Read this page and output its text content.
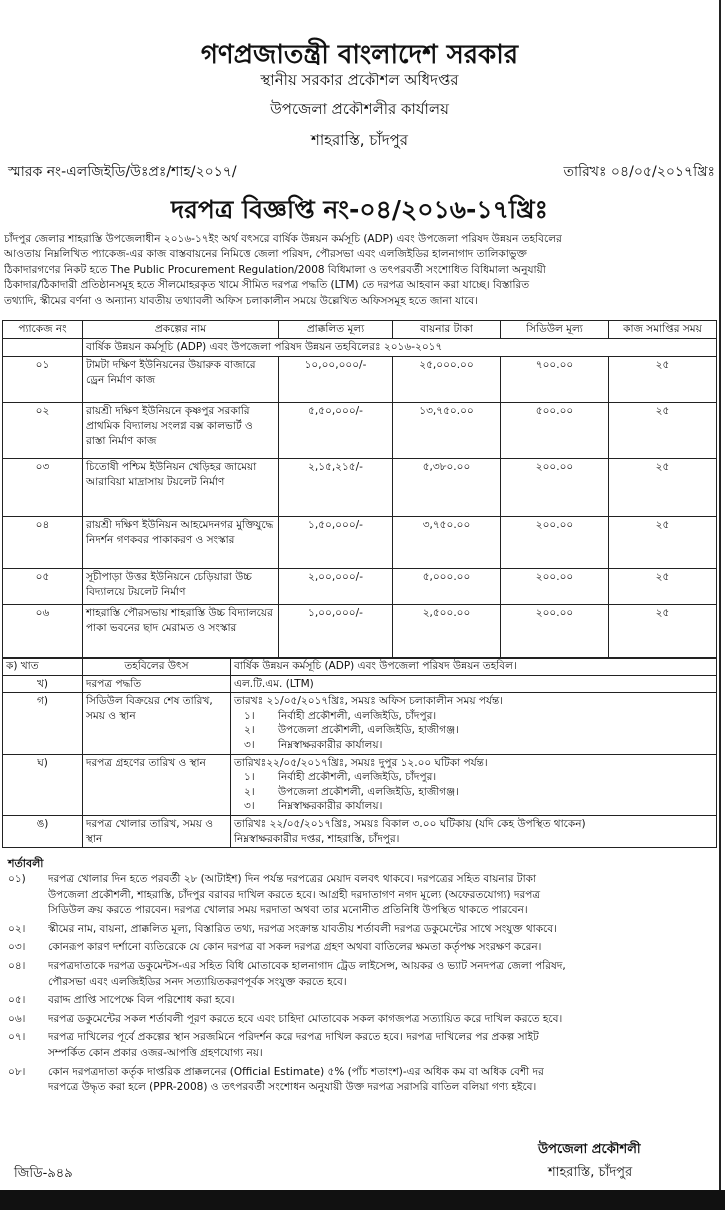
গণপ্রজাতন্ত্রী বাংলাদেশ সরকার
স্থানীয় সরকার প্রকৌশল অধিদপ্তর
উপজেলা প্রকৌশলীর কার্যালয়
শাহরাস্তি, চাঁদপুর
স্মারক নং-এলজিইডি/উঃপ্রঃ/শাহ/২০১৭/	তারিখঃ ০৪/০৫/২০১৭খ্রিঃ
দরপত্র বিজ্ঞপ্তি নং-০৪/২০১৬-১৭খ্রিঃ
চাঁদপুর জেলার শাহরাস্তি উপজেলাধীন ২০১৬-১৭ইং অর্থ বৎসরে বার্ষিক উন্নয়ন কর্মসূচি (ADP) এবং উপজেলা পরিষদ উন্নয়ন তহবিলের
আওতায় নিম্নলিখিত প্যাকেজ-এর কাজ বাস্তবায়নের নিমিত্তে জেলা পরিষদ, পৌরসভা এবং এলজিইডির হালনাগাদ তালিকাভুক্ত
ঠিকাদারগণের নিকট হতে The Public Procurement Regulation/2008 বিধিমালা ও তৎপরবর্তী সংশোধিত বিধিমালা অনুযায়ী
ঠিকাদার/ঠিকাদারী প্রতিষ্ঠানসমূহ হতে সীলমোহরকৃত খামে সীমিত দরপত্র পদ্ধতি (LTM) তে দরপত্র আহবান করা যাচ্ছে। বিস্তারিত
তথ্যাদি, স্কীমের বর্ণনা ও অন্যান্য যাবতীয় তথ্যাবলী অফিস চলাকালীন সময়ে উল্লেখিত অফিসসমূহ হতে জানা যাবে।
প্যাকেজ নং	প্রকল্পের নাম	প্রাক্কলিত মূল্য	বায়নার টাকা	সিডিউল মূল্য	কাজ সমাপ্তির সময়
	বার্ষিক উন্নয়ন কর্মসূচি (ADP) এবং উপজেলা পরিষদ উন্নয়ন তহবিলেরঃ ২০১৬-২০১৭				
০১	টামটা দক্ষিণ ইউনিয়নের উয়ারুক বাজারে ড্রেন নির্মাণ কাজ	১০,০০,০০০/-	২৫,০০০.০০	৭০০.০০	২৫
০২	রায়শ্রী দক্ষিণ ইউনিয়নে কৃষ্ণপুর সরকারি প্রাথমিক বিদ্যালয় সংলগ্ন বক্স কালভার্ট ও রাস্তা নির্মাণ কাজ	৫,৫০,০০০/-	১৩,৭৫০.০০	৫০০.০০	২৫
০৩	চিতোষী পশ্চিম ইউনিয়ন খেড়িহর জামেয়া আরাবিয়া মাদ্রাসায় টয়লেট নির্মাণ	২,১৫,২১৫/-	৫,৩৮০.০০	২০০.০০	২৫
০৪	রায়শ্রী দক্ষিণ ইউনিয়ন আহমেদনগর মুক্তিযুদ্ধে নিদর্শন গণকবর পাকাকরণ ও সংস্কার	১,৫০,০০০/-	৩,৭৫০.০০	২০০.০০	২৫
০৫	সূচীপাড়া উত্তর ইউনিয়নে চেড়িয়ারা উচ্চ বিদ্যালয়ে টয়লেট নির্মাণ	২,০০,০০০/-	৫,০০০.০০	২০০.০০	২৫
০৬	শাহরাস্তি পৌরসভায় শাহরাস্তি উচ্চ বিদ্যালয়ের পাকা ভবনের ছাদ মেরামত ও সংস্কার	১,০০,০০০/-	২,৫০০.০০	২০০.০০	২৫
ক) খাত	তহবিলের উৎস	বার্ষিক উন্নয়ন কর্মসূচি (ADP) এবং উপজেলা পরিষদ উন্নয়ন তহবিল।
খ)	দরপত্র পদ্ধতি	এল.টি.এম. (LTM)
গ)	সিডিউল বিক্রয়ের শেষ তারিখ, সময় ও স্থান	তারখঃ ২১/০৫/২০১৭খ্রিঃ, সময়ঃ অফিস চলাকালীন সময় পর্যন্ত।
১। নির্বাহী প্রকৌশলী, এলজিইডি, চাঁদপুর।
২। উপজেলা প্রকৌশলী, এলজিইডি, হাজীগঞ্জ।
৩। নিম্নস্বাক্ষরকারীর কার্যালয়।

ঘ)	দরপত্র গ্রহণের তারিখ ও স্থান	তারিখঃ২২/০৫/২০১৭খ্রিঃ, সময়ঃ দুপুর ১২.০০ ঘটিকা পর্যন্ত।
১। নির্বাহী প্রকৌশলী, এলজিইডি, চাঁদপুর।
২। উপজেলা প্রকৌশলী, এলজিইডি, হাজীগঞ্জ।
৩। নিম্নস্বাক্ষরকারীর কার্যালয়।

ঙ)	দরপত্র খোলার তারিখ, সময় ও স্থান	তারিখঃ ২২/০৫/২০১৭খ্রিঃ, সময়ঃ বিকাল ৩.০০ ঘটিকায় (যদি কেহ উপস্থিত থাকেন)
নিম্নস্বাক্ষরকারীর দপ্তর, শাহরাস্তি, চাঁদপুর।
শর্তাবলী
০১) দরপত্র খোলার দিন হতে পরবর্তী ২৮ (আটাইশ) দিন পর্যন্ত দরপত্রের মেয়াদ বলবৎ থাকবে। দরপত্রের সহিত বায়নার টাকা
উপজেলা প্রকৌশলী, শাহরাস্তি, চাঁদপুর বরাবর দাখিল করতে হবে। আগ্রহী দরদাতাগণ নগদ মূল্যে (অফেরতযোগ্য) দরপত্র
সিডিউল ক্রয় করতে পারবেন। দরপত্র খোলার সময় দরদাতা অথবা তার মনোনীত প্রতিনিধি উপস্থিত থাকতে পারবেন।
০২। স্কীমের নাম, বায়না, প্রাক্কলিত মূল্য, বিস্তারিত তথ্য, দরপত্র সংক্রান্ত যাবতীয় শর্তাবলী দরপত্র ডকুমেন্টের সাথে সংযুক্ত থাকবে।
০৩। কোনরূপ কারণ দর্শানো ব্যতিরেকে যে কোন দরপত্র বা সকল দরপত্র গ্রহণ অথবা বাতিলের ক্ষমতা কর্তৃপক্ষ সংরক্ষণ করেন।
০৪। দরপত্রদাতাকে দরপত্র ডকুমেন্টস-এর সহিত বিধি মোতাবেক হালনাগাদ ট্রেড লাইসেন্স, আয়কর ও ভ্যাট সনদপত্র জেলা পরিষদ,
পৌরসভা এবং এলজিইডির সনদ সত্যায়িতকরণপূর্বক সংযুক্ত করতে হবে।
০৫। বরাদ্দ প্রাপ্তি সাপেক্ষে বিল পরিশোধ করা হবে।
০৬। দরপত্র ডকুমেন্টের সকল শর্তাবলী পূরণ করতে হবে এবং চাহিদা মোতাবেক সকল কাগজপত্র সত্যায়িত করে দাখিল করতে হবে।
০৭। দরপত্র দাখিলের পূর্বে প্রকল্পের স্থান সরজমিনে পরিদর্শন করে দরপত্র দাখিল করতে হবে। দরপত্র দাখিলের পর প্রকল্প সাইট
সম্পর্কিত কোন প্রকার ওজর-আপত্তি গ্রহণযোগ্য নয়।
০৮। কোন দরপত্রদাতা কর্তৃক দাপ্তরিক প্রাক্কলনের (Official Estimate) ৫% (পাঁচ শতাংশ)-এর অধিক কম বা অধিক বেশী দর
দরপত্রে উদ্ধৃত করা হলে (PPR-2008) ও তৎপরবর্তী সংশোধন অনুযায়ী উক্ত দরপত্র সরাসরি বাতিল বলিয়া গণ্য হইবে।
উপজেলা প্রকৌশলী
শাহরাস্তি, চাঁদপুর
জিডি-৯৪৯
